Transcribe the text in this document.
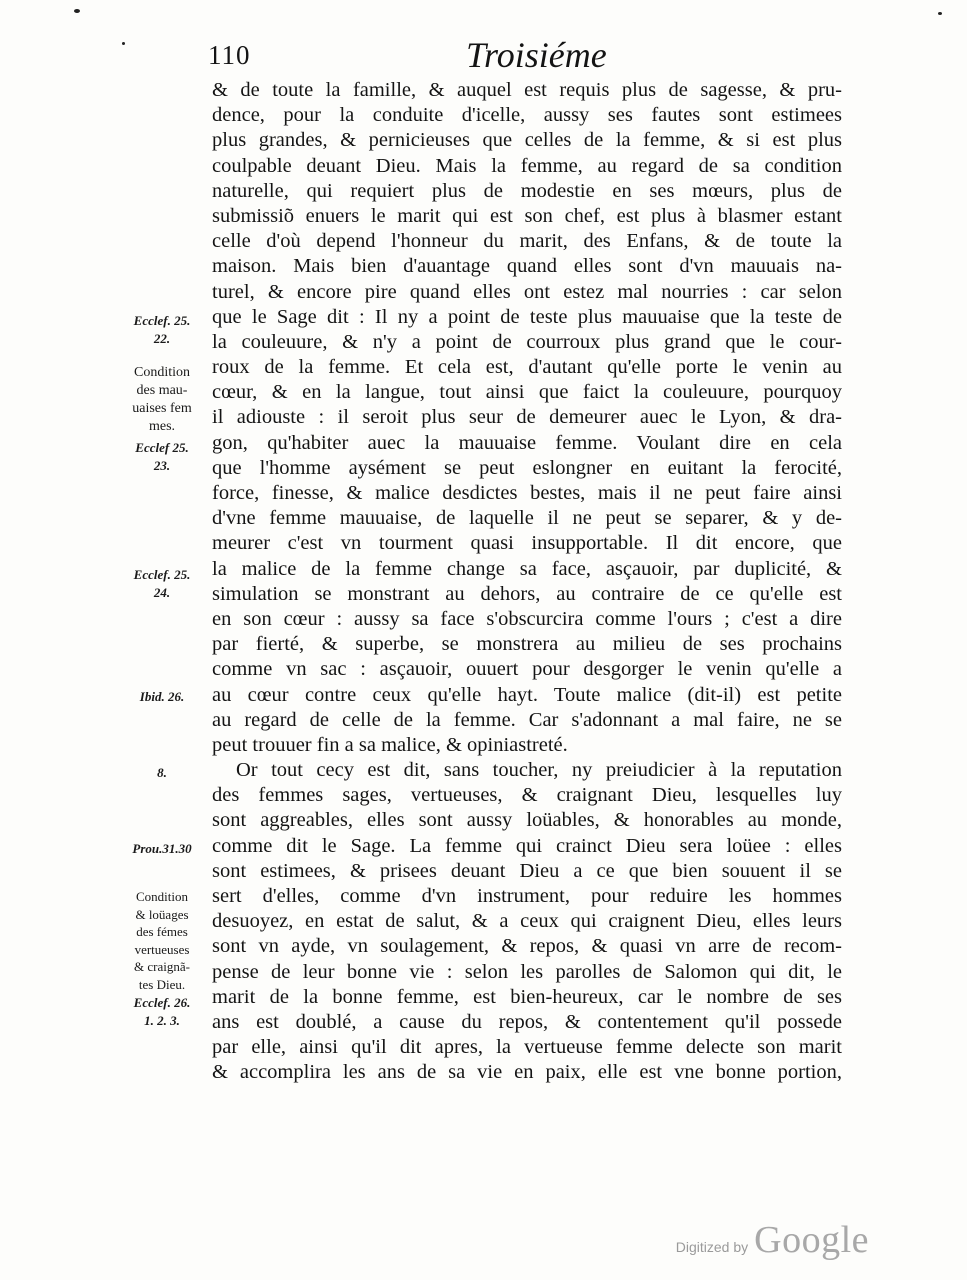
110	Troisiéme
& de toute la famille, & auquel est requis plus de sagesse, & pru-
dence, pour la conduite d'icelle, aussy ses fautes sont estimees
plus grandes, & pernicieuses que celles de la femme, & si est plus
coulpable deuant Dieu. Mais la femme, au regard de sa condition
naturelle, qui requiert plus de modestie en ses mœurs, plus de
submissiõ enuers le marit qui est son chef, est plus à blasmer estant
celle d'où depend l'honneur du marit, des Enfans, & de toute la
maison. Mais bien d'auantage quand elles sont d'vn mauuais na-
turel, & encore pire quand elles ont estez mal nourries : car selon
que le Sage dit : Il ny a point de teste plus mauuaise que la teste de
la couleuure, & n'y a point de courroux plus grand que le cour-
roux de la femme. Et cela est, d'autant qu'elle porte le venin au
cœur, & en la langue, tout ainsi que faict la couleuure, pourquoy
il adiouste : il seroit plus seur de demeurer auec le Lyon, & dra-
gon, qu'habiter auec la mauuaise femme. Voulant dire en cela
que l'homme aysément se peut eslongner en euitant la ferocité,
force, finesse, & malice desdictes bestes, mais il ne peut faire ainsi
d'vne femme mauuaise, de laquelle il ne peut se separer, & y de-
meurer c'est vn tourment quasi insupportable. Il dit encore, que
la malice de la femme change sa face, asçauoir, par duplicité, &
simulation se monstrant au dehors, au contraire de ce qu'elle est
en son cœur : aussy sa face s'obscurcira comme l'ours ; c'est a dire
par fierté, & superbe, se monstrera au milieu de ses prochains
comme vn sac : asçauoir, ouuert pour desgorger le venin qu'elle a
au cœur contre ceux qu'elle hayt. Toute malice (dit-il) est petite
au regard de celle de la femme. Car s'adonnant a mal faire, ne se
peut trouuer fin a sa malice, & opiniastreté.
Or tout cecy est dit, sans toucher, ny preiudicier à la reputation
des femmes sages, vertueuses, & craignant Dieu, lesquelles luy
sont aggreables, elles sont aussy loüables, & honorables au monde,
comme dit le Sage. La femme qui crainct Dieu sera loüee : elles
sont estimees, & prisees deuant Dieu a ce que bien souuent il se
sert d'elles, comme d'vn instrument, pour reduire les hommes
desuoyez, en estat de salut, & a ceux qui craignent Dieu, elles leurs
sont vn ayde, vn soulagement, & repos, & quasi vn arre de recom-
pense de leur bonne vie : selon les parolles de Salomon qui dit, le
marit de la bonne femme, est bien-heureux, car le nombre de ses
ans est doublé, a cause du repos, & contentement qu'il possede
par elle, ainsi qu'il dit apres, la vertueuse femme delecte son marit
& accomplira les ans de sa vie en paix, elle est vne bonne portion,
Ecclef. 25.
22.
Condition
des mau-
uaises fem
mes.
Ecclef 25.
23.
Ecclef. 25.
24.
Ibid. 26.
8.
Prou.31.30
Condition
& loüages
des fémes
vertueuses
& craignã-
tes Dieu.
Ecclef. 26.
1. 2. 3.
Digitized by Google
